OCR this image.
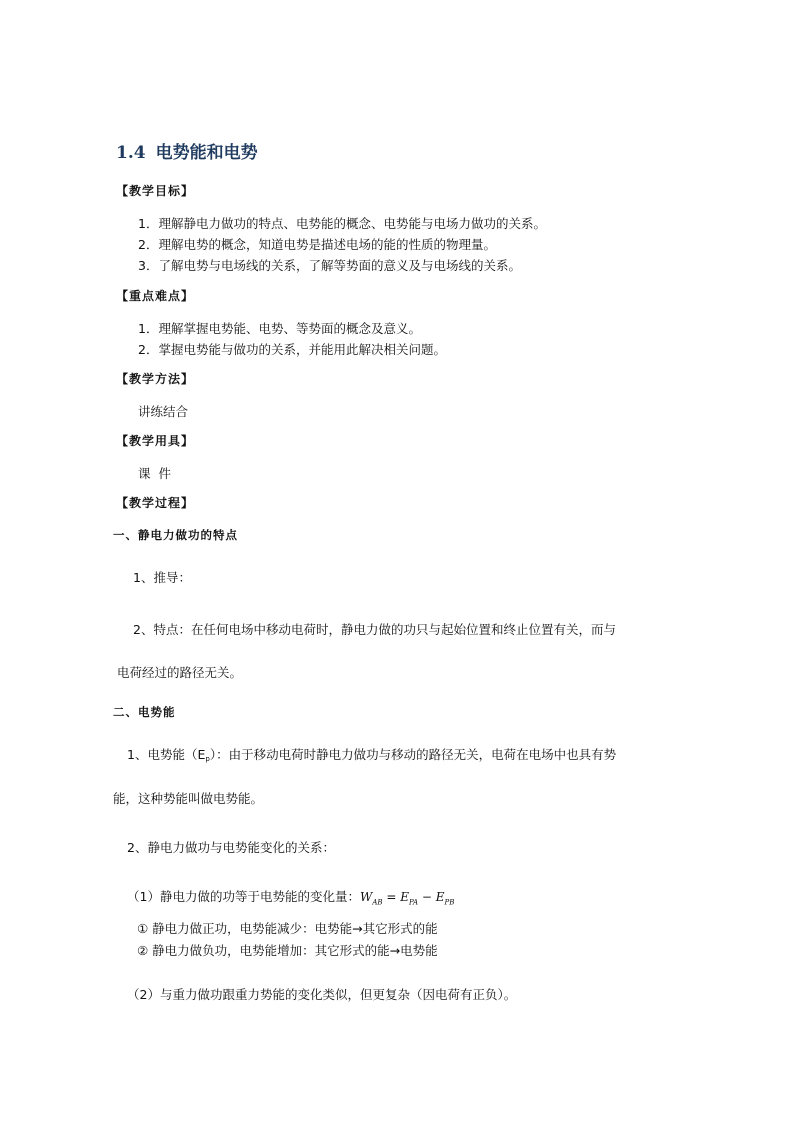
1.4 电势能和电势
【教学目标】
1．理解静电力做功的特点、电势能的概念、电势能与电场力做功的关系。
2．理解电势的概念，知道电势是描述电场的能的性质的物理量。
3．了解电势与电场线的关系，了解等势面的意义及与电场线的关系。
【重点难点】
1．理解掌握电势能、电势、等势面的概念及意义。
2．掌握电势能与做功的关系，并能用此解决相关问题。
【教学方法】
讲练结合
【教学用具】
课  件
【教学过程】
一、静电力做功的特点
1、推导：
2、特点：在任何电场中移动电荷时，静电力做的功只与起始位置和终止位置有关，而与
电荷经过的路径无关。
二、电势能
1、电势能（Ep）：由于移动电荷时静电力做功与移动的路径无关，电荷在电场中也具有势
能，这种势能叫做电势能。
2、静电力做功与电势能变化的关系：
（1）静电力做的功等于电势能的变化量：$W_{AB} = E_{PA} - E_{PB}$
① 静电力做正功，电势能减少：电势能→其它形式的能
② 静电力做负功，电势能增加：其它形式的能→电势能
（2）与重力做功跟重力势能的变化类似，但更复杂（因电荷有正负）。
